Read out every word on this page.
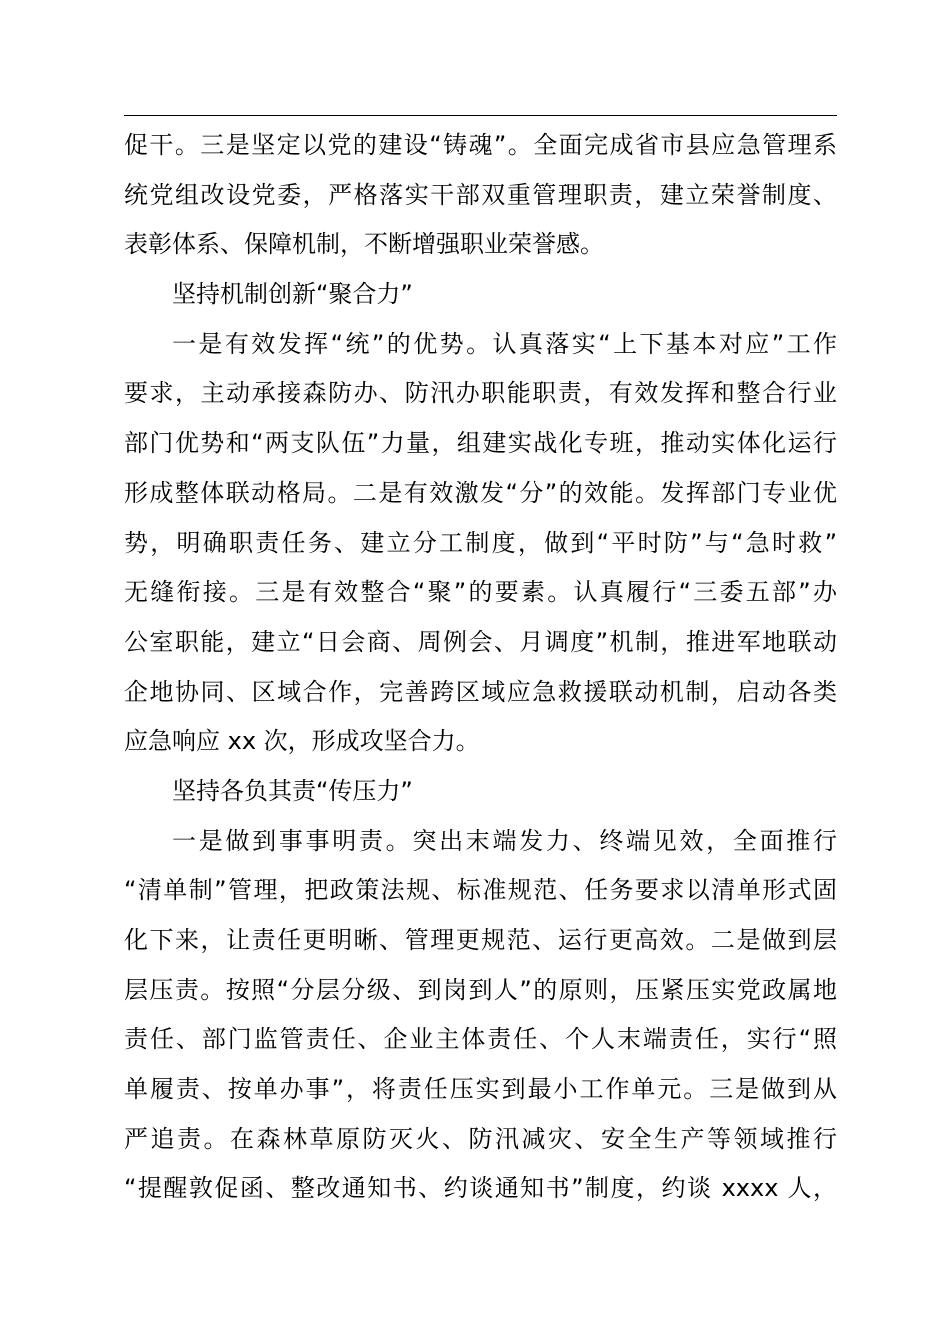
促干。三是坚定以党的建设“铸魂”。全面完成省市县应急管理系
统党组改设党委，严格落实干部双重管理职责，建立荣誉制度、
表彰体系、保障机制，不断增强职业荣誉感。
坚持机制创新“聚合力”
一是有效发挥“统”的优势。认真落实“上下基本对应”工作
要求，主动承接森防办、防汛办职能职责，有效发挥和整合行业
部门优势和“两支队伍”力量，组建实战化专班，推动实体化运行
形成整体联动格局。二是有效激发“分”的效能。发挥部门专业优
势，明确职责任务、建立分工制度，做到“平时防”与“急时救”
无缝衔接。三是有效整合“聚”的要素。认真履行“三委五部”办
公室职能，建立“日会商、周例会、月调度”机制，推进军地联动
企地协同、区域合作，完善跨区域应急救援联动机制，启动各类
应急响应 xx 次，形成攻坚合力。
坚持各负其责“传压力”
一是做到事事明责。突出末端发力、终端见效，全面推行
“清单制”管理，把政策法规、标准规范、任务要求以清单形式固
化下来，让责任更明晰、管理更规范、运行更高效。二是做到层
层压责。按照“分层分级、到岗到人”的原则，压紧压实党政属地
责任、部门监管责任、企业主体责任、个人末端责任，实行“照
单履责、按单办事”，将责任压实到最小工作单元。三是做到从
严追责。在森林草原防灭火、防汛减灾、安全生产等领域推行
“提醒敦促函、整改通知书、约谈通知书”制度，约谈 xxxx 人，
